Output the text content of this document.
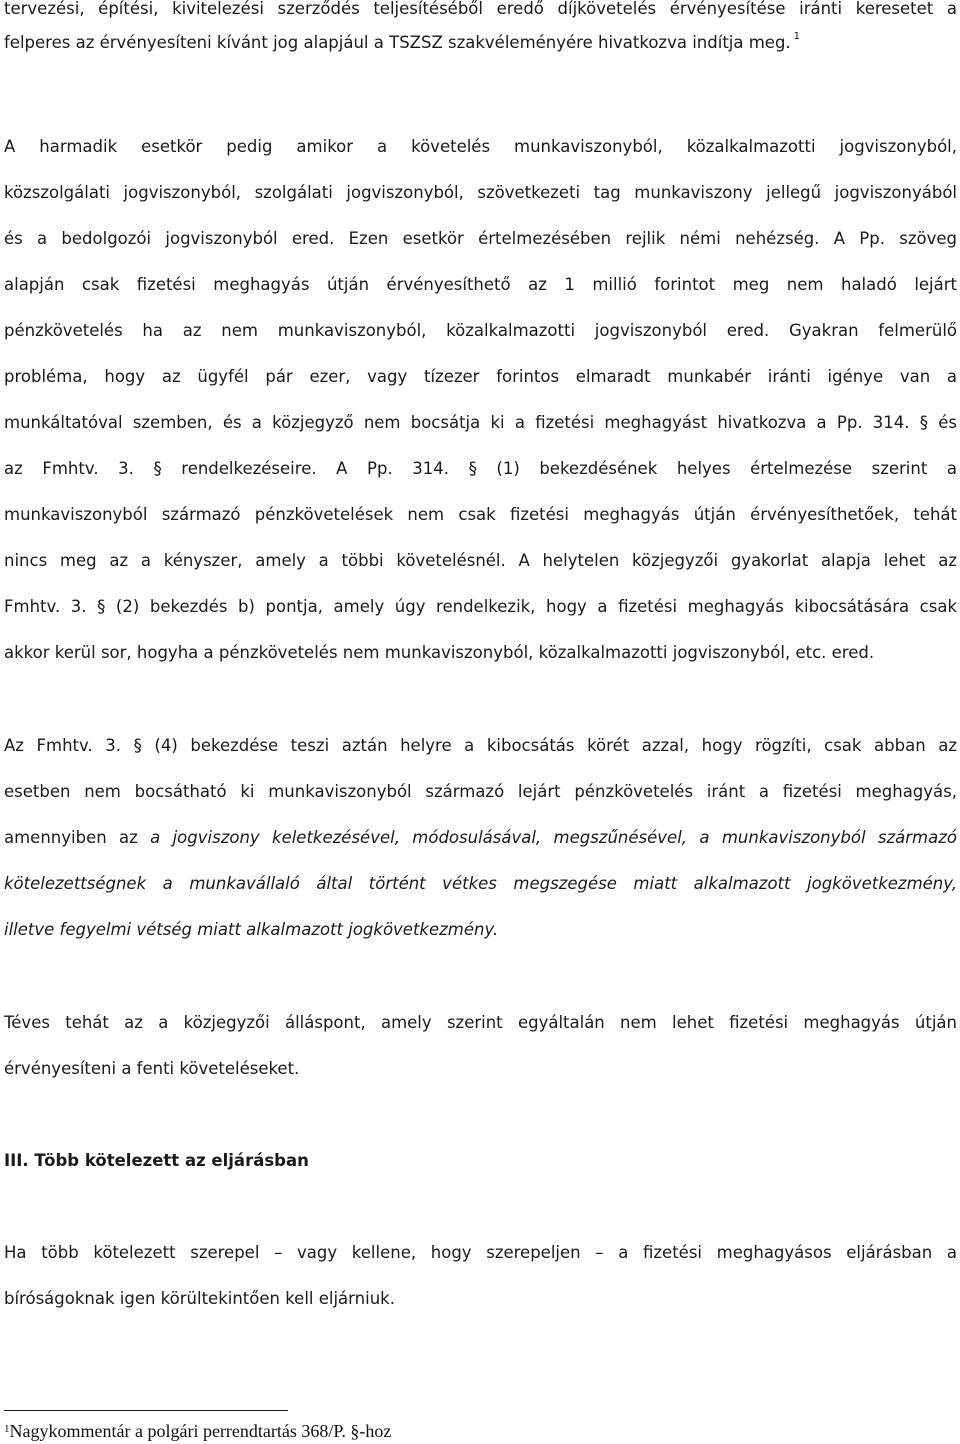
tervezési, építési, kivitelezési szerződés teljesítéséből eredő díjkövetelés érvényesítése iránti keresetet a
felperes az érvényesíteni kívánt jog alapjául a TSZSZ szakvéleményére hivatkozva indítja meg. $^1$
A harmadik esetkör pedig amikor a követelés munkaviszonyból, közalkalmazotti jogviszonyból,
közszolgálati jogviszonyból, szolgálati jogviszonyból, szövetkezeti tag munkaviszony jellegű jogviszonyából
és a bedolgozói jogviszonyból ered. Ezen esetkör értelmezésében rejlik némi nehézség. A Pp. szöveg
alapján csak fizetési meghagyás útján érvényesíthető az 1 millió forintot meg nem haladó lejárt
pénzkövetelés ha az nem munkaviszonyból, közalkalmazotti jogviszonyból ered. Gyakran felmerülő
probléma, hogy az ügyfél pár ezer, vagy tízezer forintos elmaradt munkabér iránti igénye van a
munkáltatóval szemben, és a közjegyző nem bocsátja ki a fizetési meghagyást hivatkozva a Pp. 314. § és
az Fmhtv. 3. § rendelkezéseire. A Pp. 314. § (1) bekezdésének helyes értelmezése szerint a
munkaviszonyból származó pénzkövetelések nem csak fizetési meghagyás útján érvényesíthetőek, tehát
nincs meg az a kényszer, amely a többi követelésnél. A helytelen közjegyzői gyakorlat alapja lehet az
Fmhtv. 3. § (2) bekezdés b) pontja, amely úgy rendelkezik, hogy a fizetési meghagyás kibocsátására csak
akkor kerül sor, hogyha a pénzkövetelés nem munkaviszonyból, közalkalmazotti jogviszonyból, etc. ered.
Az Fmhtv. 3. § (4) bekezdése teszi aztán helyre a kibocsátás körét azzal, hogy rögzíti, csak abban az
esetben nem bocsátható ki munkaviszonyból származó lejárt pénzkövetelés iránt a fizetési meghagyás,
amennyiben az a jogviszony keletkezésével, módosulásával, megszűnésével, a munkaviszonyból származó
kötelezettségnek a munkavállaló által történt vétkes megszegése miatt alkalmazott jogkövetkezmény,
illetve fegyelmi vétség miatt alkalmazott jogkövetkezmény.
Téves tehát az a közjegyzői álláspont, amely szerint egyáltalán nem lehet fizetési meghagyás útján
érvényesíteni a fenti követeléseket.
III. Több kötelezett az eljárásban
Ha több kötelezett szerepel – vagy kellene, hogy szerepeljen – a fizetési meghagyásos eljárásban a
bíróságoknak igen körültekintően kell eljárniuk.

$^1$Nagykommentár a polgári perrendtartás 368/P. §-hoz
